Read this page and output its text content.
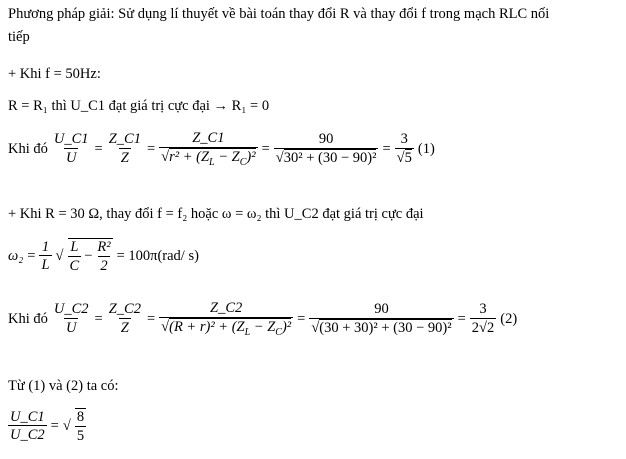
Phương pháp giải: Sử dụng lí thuyết về bài toán thay đổi R và thay đổi f trong mạch RLC nối
tiếp
+ Khi f = 50Hz:
R = R₁ thì U_C1 đạt giá trị cực đại → R₁ = 0
Khi đó $\frac{U\_C1}{U} = \frac{Z\_C1}{Z} = \frac{Z\_C1}{√r^2 + (Z_L - Z_C)^2} = \frac{90}{\text{√30² + (30 − 90)²}} = \frac{3}{√5} (1)$
+ Khi R = 30 Ω, thay đổi f = f₂ hoặc ω = ω₂ thì U_C2 đạt giá trị cực đại
$\omega_2 = \frac{1}{L}$ √ $\frac{L}{C} - \frac{\text{R²}}{2} = 100\pi(rad/$ s)
Khi đó $\frac{U\_C2}{U} = \frac{Z\_C2}{Z} = \frac{Z\_C2}{√(R + r)^2 + (Z_L - Z_C)^2} = \frac{90}{\text{√(30 + 30)² + (30 − 90)²}} = \frac{3}{2√2} (2)$
Từ (1) và (2) ta có:
$\frac{U\_C1}{U\_C2}$ = √ $\frac{8}{5}$
